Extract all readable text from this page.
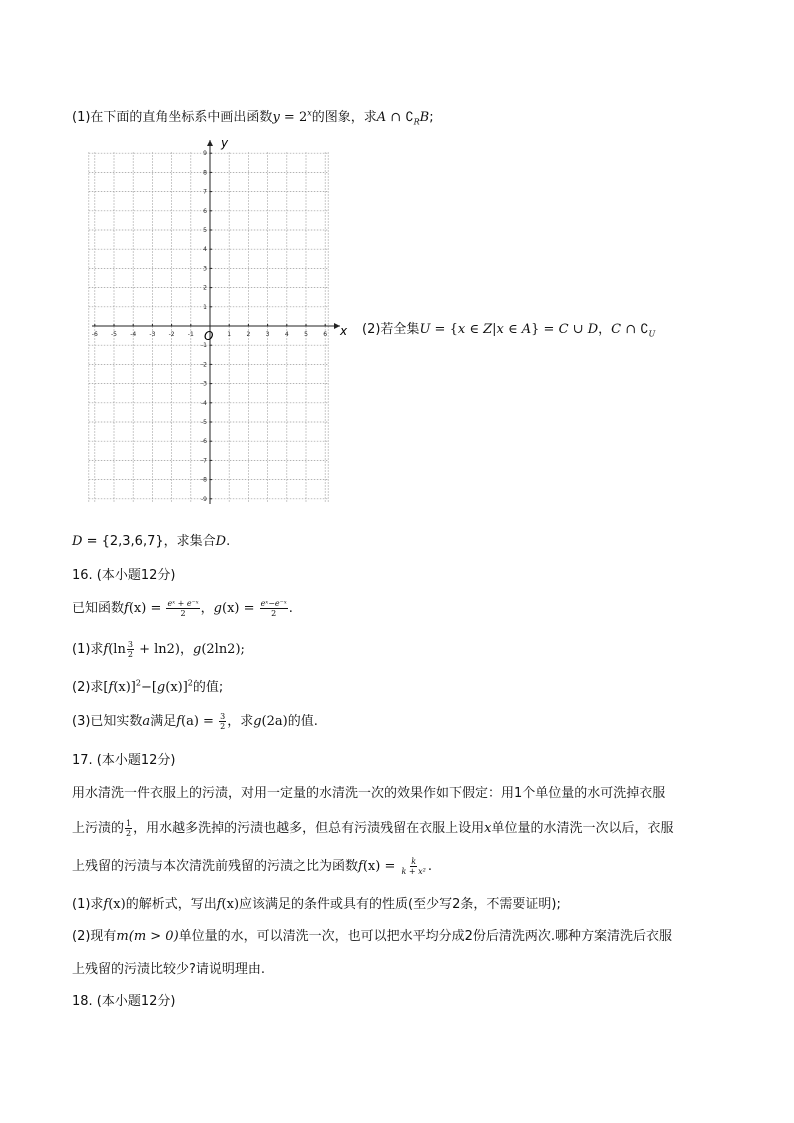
(1)在下面的直角坐标系中画出函数$y = 2^x$的图象，求A ∩ $∁_RB$;
-6 -5 -4 -3 -2 -1	1	2	3	4	5	6
9
8
7
6
5
4
3
2
1
-1
-2
-3
-4
-5
-6
-7
-8
-9
x
y
O	(2)若全集U = {x ∈ Z|x ∈ A} = C ∪ D，C ∩ $∁_U$
D = {2,3,6,7}，求集合D.
16. (本小题12分)
已知函数$f(x) = \frac{\text{eˣ + e⁻ˣ}}{2}$ ，$g(x) = \frac{\text{eˣ−e⁻ˣ}}{2}$ .
(1)求$f(\ln \frac{3}{2} + \ln 2)$，g(2ln2);
(2)求$[f(x)]^2-[g(x)]^2$的值;
(3)已知实数a满足$f(a) = \frac{3}{2}$ ，求g(2a)的值.
17. (本小题12分)
用水清洗一件衣服上的污渍，对用一定量的水清洗一次的效果作如下假定：用1个单位量的水可洗掉衣服
上污渍的 $\frac{1}{2}$ ，用水越多洗掉的污渍也越多，但总有污渍残留在衣服上设用x单位量的水清洗一次以后，衣服
上残留的污渍与本次清洗前残留的污渍之比为函数$f(x) = \frac{k}{\text{k + x²}}$ .
(1)求f(x)的解析式，写出f(x)应该满足的条件或具有的性质(至少写2条，不需要证明);
(2)现有m(m > 0)单位量的水，可以清洗一次，也可以把水平均分成2份后清洗两次.哪种方案清洗后衣服
上残留的污渍比较少?请说明理由.
18. (本小题12分)
